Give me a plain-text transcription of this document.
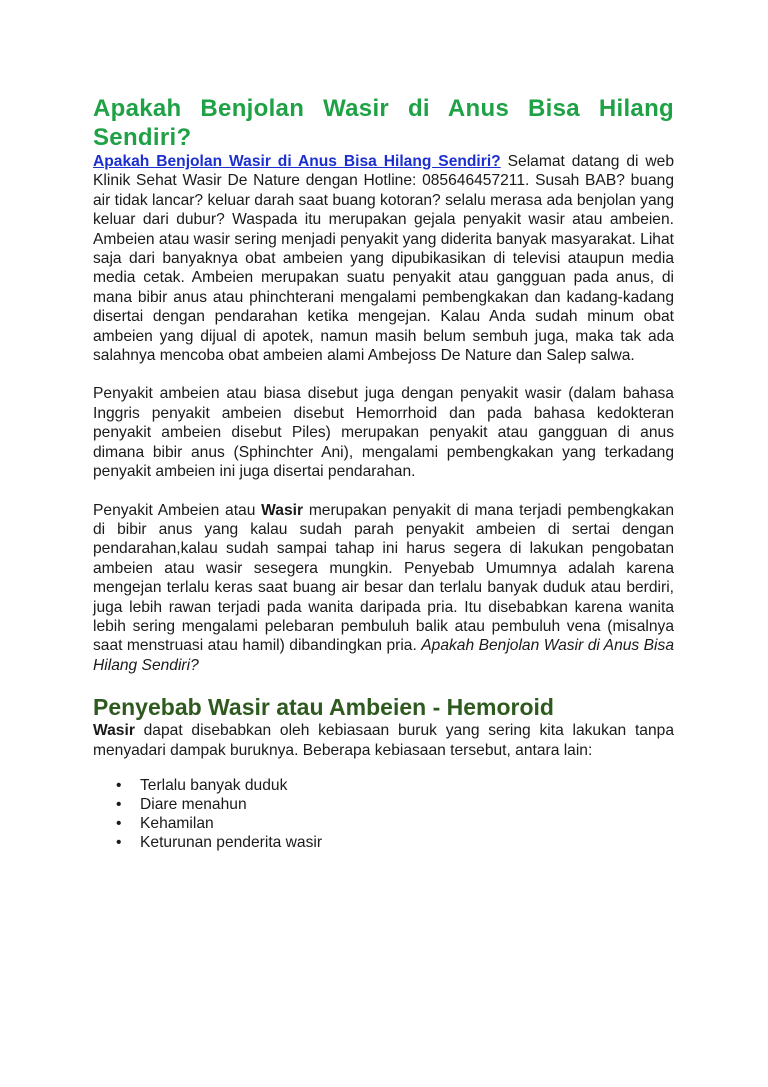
Apakah Benjolan Wasir di Anus Bisa Hilang Sendiri?

Apakah Benjolan Wasir di Anus Bisa Hilang Sendiri? Selamat datang di web Klinik Sehat Wasir De Nature dengan Hotline: 085646457211. Susah BAB? buang air tidak lancar? keluar darah saat buang kotoran? selalu merasa ada benjolan yang keluar dari dubur? Waspada itu merupakan gejala penyakit wasir atau ambeien. Ambeien atau wasir sering menjadi penyakit yang diderita banyak masyarakat. Lihat saja dari banyaknya obat ambeien yang dipubikasikan di televisi ataupun media media cetak. Ambeien merupakan suatu penyakit atau gangguan pada anus, di mana bibir anus atau phinchterani mengalami pembengkakan dan kadang-kadang disertai dengan pendarahan ketika mengejan. Kalau Anda sudah minum obat ambeien yang dijual di apotek, namun masih belum sembuh juga, maka tak ada salahnya mencoba obat ambeien alami Ambejoss De Nature dan Salep salwa.

Penyakit ambeien atau biasa disebut juga dengan penyakit wasir (dalam bahasa Inggris penyakit ambeien disebut Hemorrhoid dan pada bahasa kedokteran penyakit ambeien disebut Piles) merupakan penyakit atau gangguan di anus dimana bibir anus (Sphinchter Ani), mengalami pembengkakan yang terkadang penyakit ambeien ini juga disertai pendarahan.

Penyakit Ambeien atau Wasir merupakan penyakit di mana terjadi pembengkakan di bibir anus yang kalau sudah parah penyakit ambeien di sertai dengan pendarahan,kalau sudah sampai tahap ini harus segera di lakukan pengobatan ambeien atau wasir sesegera mungkin. Penyebab Umumnya adalah karena mengejan terlalu keras saat buang air besar dan terlalu banyak duduk atau berdiri, juga lebih rawan terjadi pada wanita daripada pria. Itu disebabkan karena wanita lebih sering mengalami pelebaran pembuluh balik atau pembuluh vena (misalnya saat menstruasi atau hamil) dibandingkan pria. Apakah Benjolan Wasir di Anus Bisa Hilang Sendiri?

Penyebab Wasir atau Ambeien - Hemoroid

Wasir dapat disebabkan oleh kebiasaan buruk yang sering kita lakukan tanpa menyadari dampak buruknya. Beberapa kebiasaan tersebut, antara lain:

• Terlalu banyak duduk
• Diare menahun
• Kehamilan
• Keturunan penderita wasir
